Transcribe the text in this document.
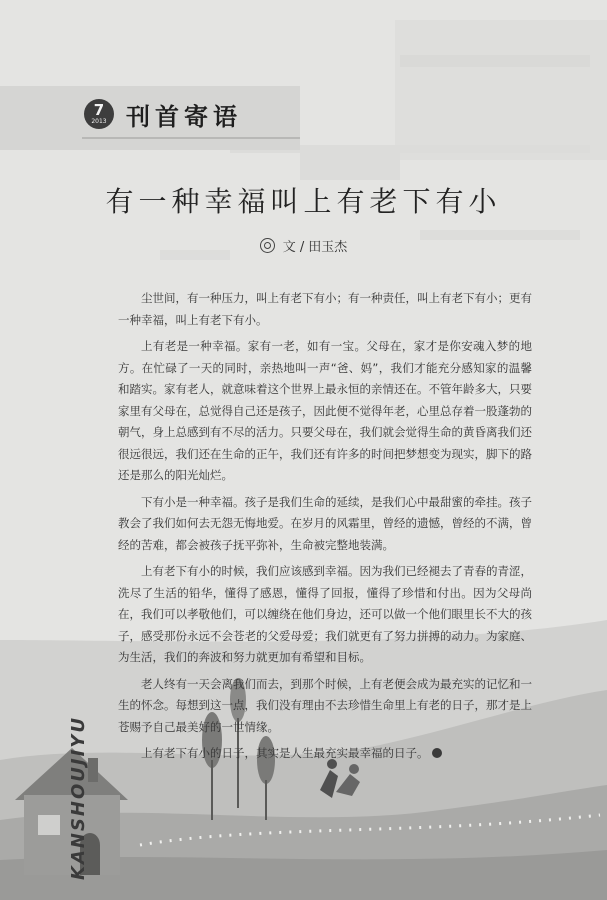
7
2013 刊首寄语
有一种幸福叫上有老下有小
文 / 田玉杰

尘世间，有一种压力，叫上有老下有小；有一种责任，叫上有老下有小；更有一种幸福，叫上有老下有小。

上有老是一种幸福。家有一老，如有一宝。父母在，家才是你安魂入梦的地方。在忙碌了一天的同时，亲热地叫一声“爸、妈”，我们才能充分感知家的温馨和踏实。家有老人，就意味着这个世界上最永恒的亲情还在。不管年龄多大，只要家里有父母在，总觉得自己还是孩子，因此便不觉得年老，心里总存着一股蓬勃的朝气，身上总感到有不尽的活力。只要父母在，我们就会觉得生命的黄昏离我们还很远很远，我们还在生命的正午，我们还有许多的时间把梦想变为现实，脚下的路还是那么的阳光灿烂。

下有小是一种幸福。孩子是我们生命的延续，是我们心中最甜蜜的牵挂。孩子教会了我们如何去无怨无悔地爱。在岁月的风霜里，曾经的遗憾，曾经的不满，曾经的苦难，都会被孩子抚平弥补，生命被完整地装满。

上有老下有小的时候，我们应该感到幸福。因为我们已经褪去了青春的青涩，洗尽了生活的铅华，懂得了感恩，懂得了回报，懂得了珍惜和付出。因为父母尚在，我们可以孝敬他们，可以缠绕在他们身边，还可以做一个他们眼里长不大的孩子，感受那份永远不会苍老的父爱母爱；我们就更有了努力拼搏的动力。为家庭、为生活，我们的奔波和努力就更加有希望和目标。

老人终有一天会离我们而去，到那个时候，上有老便会成为最充实的记忆和一生的怀念。每想到这一点，我们没有理由不去珍惜生命里上有老的日子，那才是上苍赐予自己最美好的一世情缘。

上有老下有小的日子，其实是人生最充实最幸福的日子。

KANSHOUJIYU
